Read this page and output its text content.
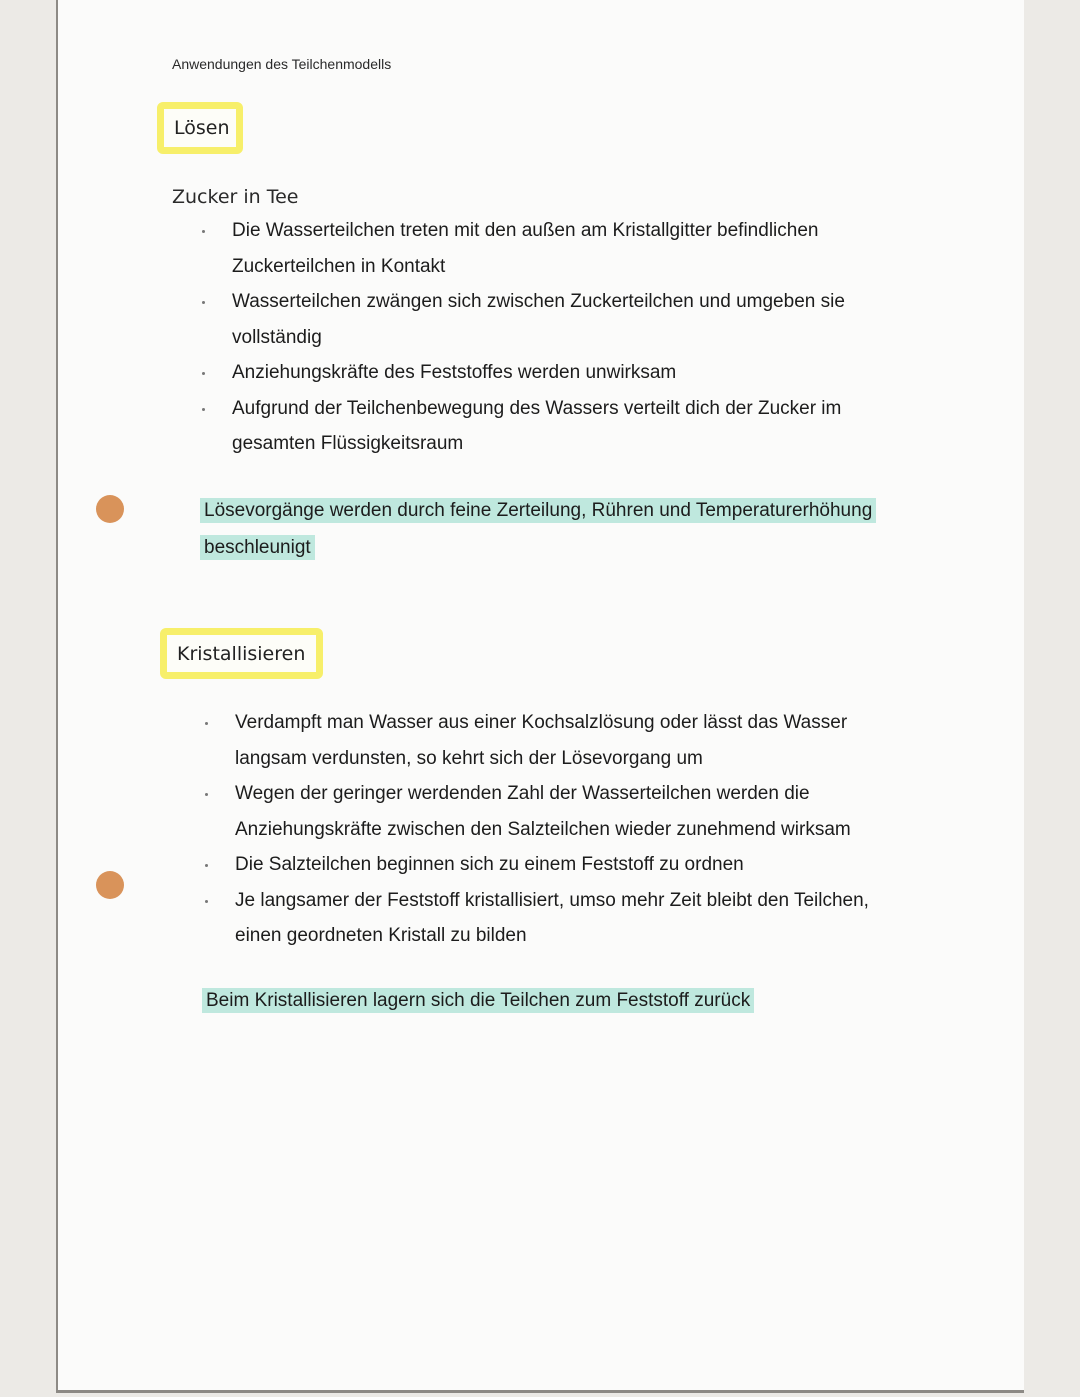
Anwendungen des Teilchenmodells
Lösen
Zucker in Tee
Die Wasserteilchen treten mit den außen am Kristallgitter befindlichen Zuckerteilchen in Kontakt
Wasserteilchen zwängen sich zwischen Zuckerteilchen und umgeben sie vollständig
Anziehungskräfte des Feststoffes werden unwirksam
Aufgrund der Teilchenbewegung des Wassers verteilt dich der Zucker im gesamten Flüssigkeitsraum
Lösevorgänge werden durch feine Zerteilung, Rühren und Temperaturerhöhung
beschleunigt
Kristallisieren
Verdampft man Wasser aus einer Kochsalzlösung oder lässt das Wasser langsam verdunsten, so kehrt sich der Lösevorgang um
Wegen der geringer werdenden Zahl der Wasserteilchen werden die Anziehungskräfte zwischen den Salzteilchen wieder zunehmend wirksam
Die Salzteilchen beginnen sich zu einem Feststoff zu ordnen
Je langsamer der Feststoff kristallisiert, umso mehr Zeit bleibt den Teilchen, einen geordneten Kristall zu bilden
Beim Kristallisieren lagern sich die Teilchen zum Feststoff zurück
